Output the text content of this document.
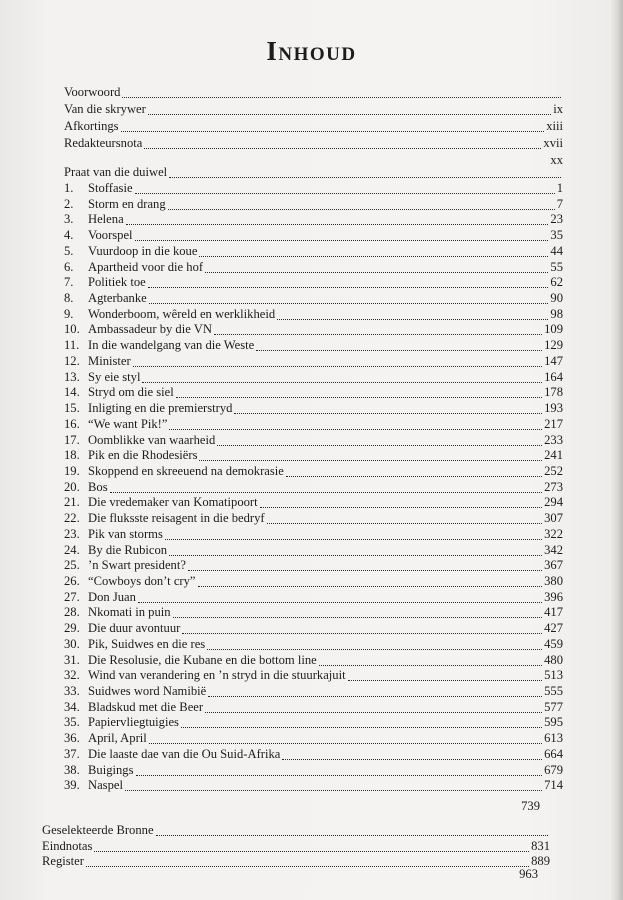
Inhoud
Voorwoord
Van die skrywer	ix
Afkortings	xiii
Redakteursnota	xvii
xx
Praat van die duiwel
1.	Stoffasie	1
2.	Storm en drang	7
3.	Helena	23
4.	Voorspel	35
5.	Vuurdoop in die koue	44
6.	Apartheid voor die hof	55
7.	Politiek toe	62
8.	Agterbanke	90
9.	Wonderboom, wêreld en werklikheid	98
10. Ambassadeur by die VN	109
11. In die wandelgang van die Weste	129
12. Minister	147
13. Sy eie styl	164
14. Stryd om die siel	178
15. Inligting en die premierstryd	193
16. “We want Pik!”	217
17. Oomblikke van waarheid	233
18. Pik en die Rhodesiërs	241
19. Skoppend en skreeuend na demokrasie	252
20. Bos	273
21. Die vredemaker van Komatipoort	294
22. Die fluksste reisagent in die bedryf	307
23. Pik van storms	322
24. By die Rubicon	342
25. ’n Swart president?	367
26. “Cowboys don’t cry”	380
27. Don Juan	396
28. Nkomati in puin	417
29. Die duur avontuur	427
30. Pik, Suidwes en die res	459
31. Die Resolusie, die Kubane en die bottom line	480
32. Wind van verandering en ’n stryd in die stuurkajuit	513
33. Suidwes word Namibië	555
34. Bladskud met die Beer	577
35. Papiervliegtuigies	595
36. April, April	613
37. Die laaste dae van die Ou Suid-Afrika	664
38. Buigings	679
39. Naspel	714
739
Geselekteerde Bronne
Eindnotas	831
Register	889
963
